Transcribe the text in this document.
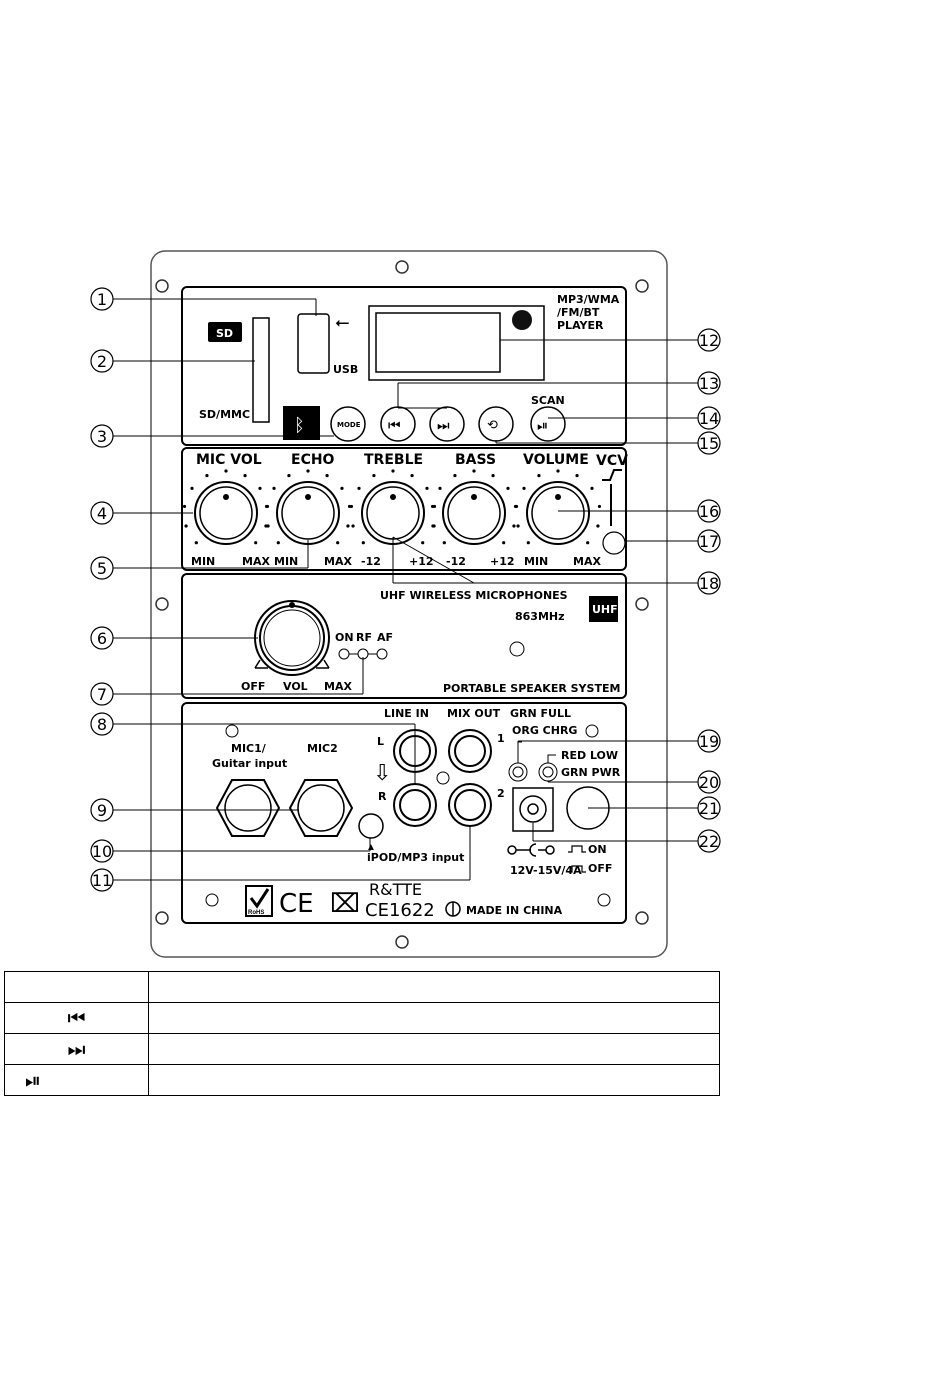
SD
SD/MMC
⭠
USB
MP3/WMA
/FM/BT
PLAYER
ᛒ	MODE ⏮	⏭	⟲
SCAN
⏯
MIC VOL
MIN MAX
ECHO
MIN MAX
TREBLE
-12	+12
BASS
-12 +12
VOLUME
MIN MAX
VCV
UHF WIRELESS MICROPHONES
863MHz
UHF
OFF VOL MAX
ON RF AF
PORTABLE SPEAKER SYSTEM
MIC1/
Guitar input
MIC2
▲
iPOD/MP3 input
LINE IN MIX OUT
L
R
⇩
1
2
GRN FULL
ORG CHRG
RED LOW
GRN PWR
12V-15V/4A
ON
OFF
RoHS CE ⌧ R&TTE
CE1622	MADE IN CHINA
1
2
3
4
5
6
7
8
9
10
11
12
13
14
15
16
17
18
19
20
21
22

⏮	
⏭	
⏯	
